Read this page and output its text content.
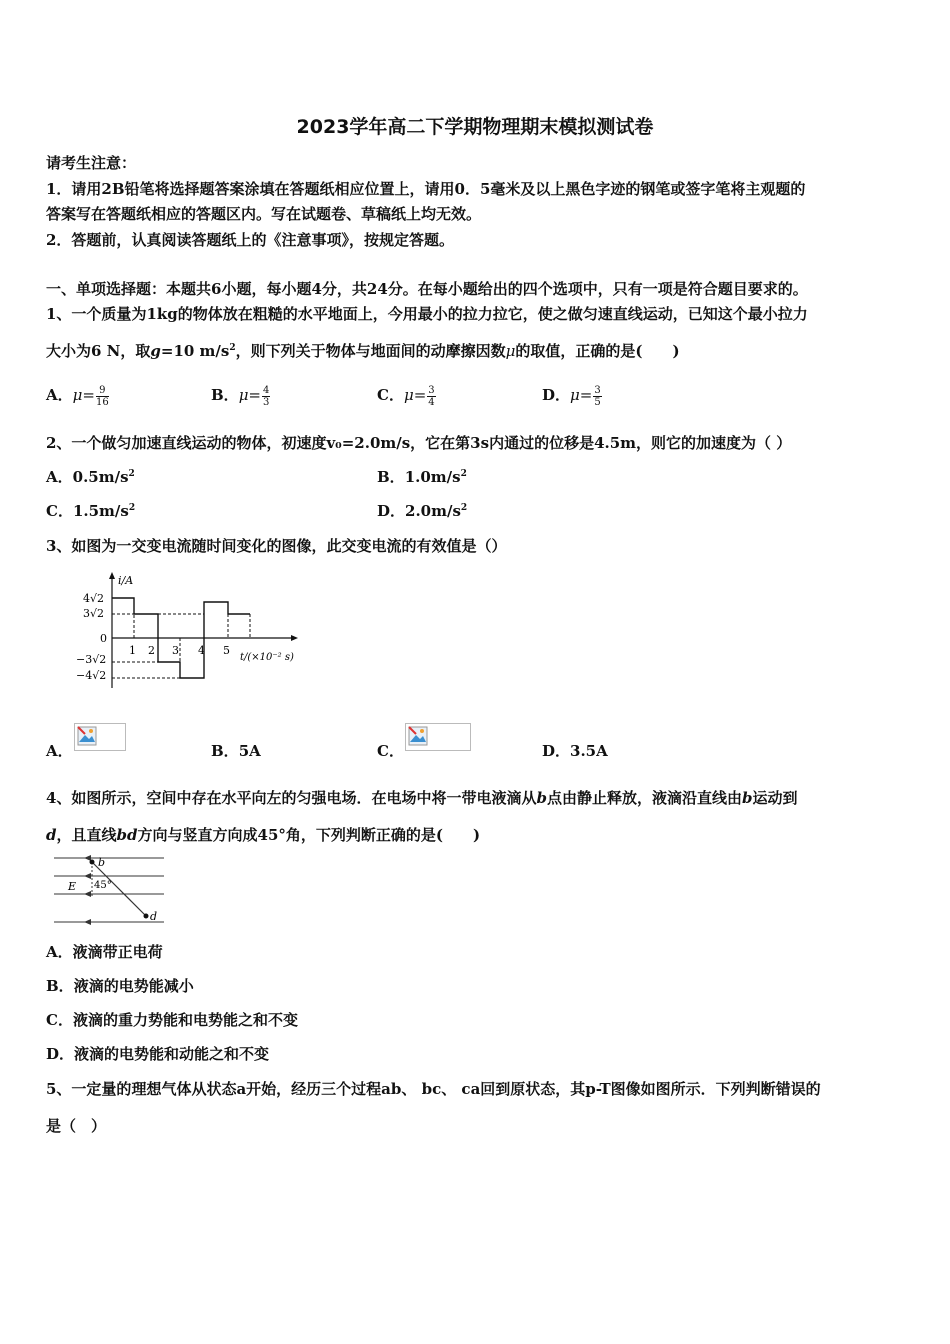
2023学年高二下学期物理期末模拟测试卷
请考生注意：
1．请用2B铅笔将选择题答案涂填在答题纸相应位置上，请用0．5毫米及以上黑色字迹的钢笔或签字笔将主观题的
答案写在答题纸相应的答题区内。写在试题卷、草稿纸上均无效。
2．答题前，认真阅读答题纸上的《注意事项》，按规定答题。
一、单项选择题：本题共6小题，每小题4分，共24分。在每小题给出的四个选项中，只有一项是符合题目要求的。
1、一个质量为1kg的物体放在粗糙的水平地面上，今用最小的拉力拉它，使之做匀速直线运动，已知这个最小拉力
大小为6 N，取g=10 $m/s^2$，则下列关于物体与地面间的动摩擦因数μ的取值，正确的是(　　)
A．$\mu= \frac{9}{16}$	B．$\mu= \frac{4}{3}$	C．$\mu= \frac{3}{4}$	D．$\mu= \frac{3}{5}$
2、一个做匀加速直线运动的物体，初速度v₀=2.0m/s，它在第3s内通过的位移是4.5m，则它的加速度为（ ）
A．$0.5m/s^2$	B．$1.0m/s^2$
C．$1.5m/s^2$	D．$2.0m/s^2$
3、如图为一交变电流随时间变化的图像，此交变电流的有效值是（）
i/A
4√2
3√2
0
−3√2
−4√2
1 2 3 4 5
t/(×10⁻² s)
A．	B．5A	C．	D．3.5A
4、如图所示，空间中存在水平向左的匀强电场．在电场中将一带电液滴从b点由静止释放，液滴沿直线由b运动到
d，且直线bd方向与竖直方向成45°角，下列判断正确的是(　　)
b
E 45°
d
A．液滴带正电荷
B．液滴的电势能减小
C．液滴的重力势能和电势能之和不变
D．液滴的电势能和动能之和不变
5、一定量的理想气体从状态a开始，经历三个过程ab、 bc、 ca回到原状态，其p-T图像如图所示．下列判断错误的
是（　）
